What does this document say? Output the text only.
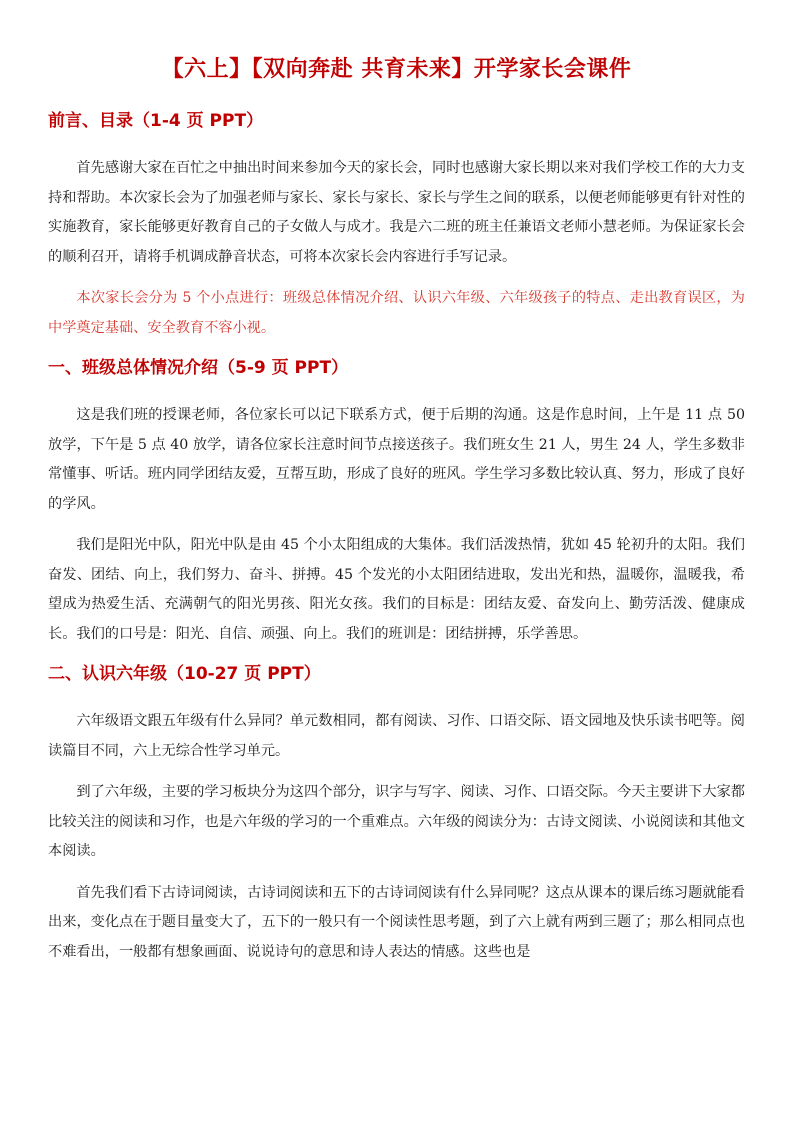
【六上】【双向奔赴 共育未来】开学家长会课件
前言、目录（1-4 页 PPT）

首先感谢大家在百忙之中抽出时间来参加今天的家长会，同时也感谢大家长期以来对我们学校工作的大力支持和帮助。本次家长会为了加强老师与家长、家长与家长、家长与学生之间的联系，以便老师能够更有针对性的实施教育，家长能够更好教育自己的子女做人与成才。我是六二班的班主任兼语文老师小慧老师。为保证家长会的顺利召开，请将手机调成静音状态，可将本次家长会内容进行手写记录。

本次家长会分为 5 个小点进行：班级总体情况介绍、认识六年级、六年级孩子的特点、走出教育误区，为中学奠定基础、安全教育不容小视。

一、班级总体情况介绍（5-9 页 PPT）

这是我们班的授课老师，各位家长可以记下联系方式，便于后期的沟通。这是作息时间，上午是 11 点 50 放学，下午是 5 点 40 放学，请各位家长注意时间节点接送孩子。我们班女生 21 人，男生 24 人，学生多数非常懂事、听话。班内同学团结友爱，互帮互助，形成了良好的班风。学生学习多数比较认真、努力，形成了良好的学风。

我们是阳光中队，阳光中队是由 45 个小太阳组成的大集体。我们活泼热情，犹如 45 轮初升的太阳。我们奋发、团结、向上，我们努力、奋斗、拼搏。45 个发光的小太阳团结进取，发出光和热，温暖你，温暖我，希望成为热爱生活、充满朝气的阳光男孩、阳光女孩。我们的目标是：团结友爱、奋发向上、勤劳活泼、健康成长。我们的口号是：阳光、自信、顽强、向上。我们的班训是：团结拼搏，乐学善思。

二、认识六年级（10-27 页 PPT）

六年级语文跟五年级有什么异同？单元数相同，都有阅读、习作、口语交际、语文园地及快乐读书吧等。阅读篇目不同，六上无综合性学习单元。

到了六年级，主要的学习板块分为这四个部分，识字与写字、阅读、习作、口语交际。今天主要讲下大家都比较关注的阅读和习作，也是六年级的学习的一个重难点。六年级的阅读分为：古诗文阅读、小说阅读和其他文本阅读。

首先我们看下古诗词阅读，古诗词阅读和五下的古诗词阅读有什么异同呢？这点从课本的课后练习题就能看出来，变化点在于题目量变大了，五下的一般只有一个阅读性思考题，到了六上就有两到三题了；那么相同点也不难看出，一般都有想象画面、说说诗句的意思和诗人表达的情感。这些也是
